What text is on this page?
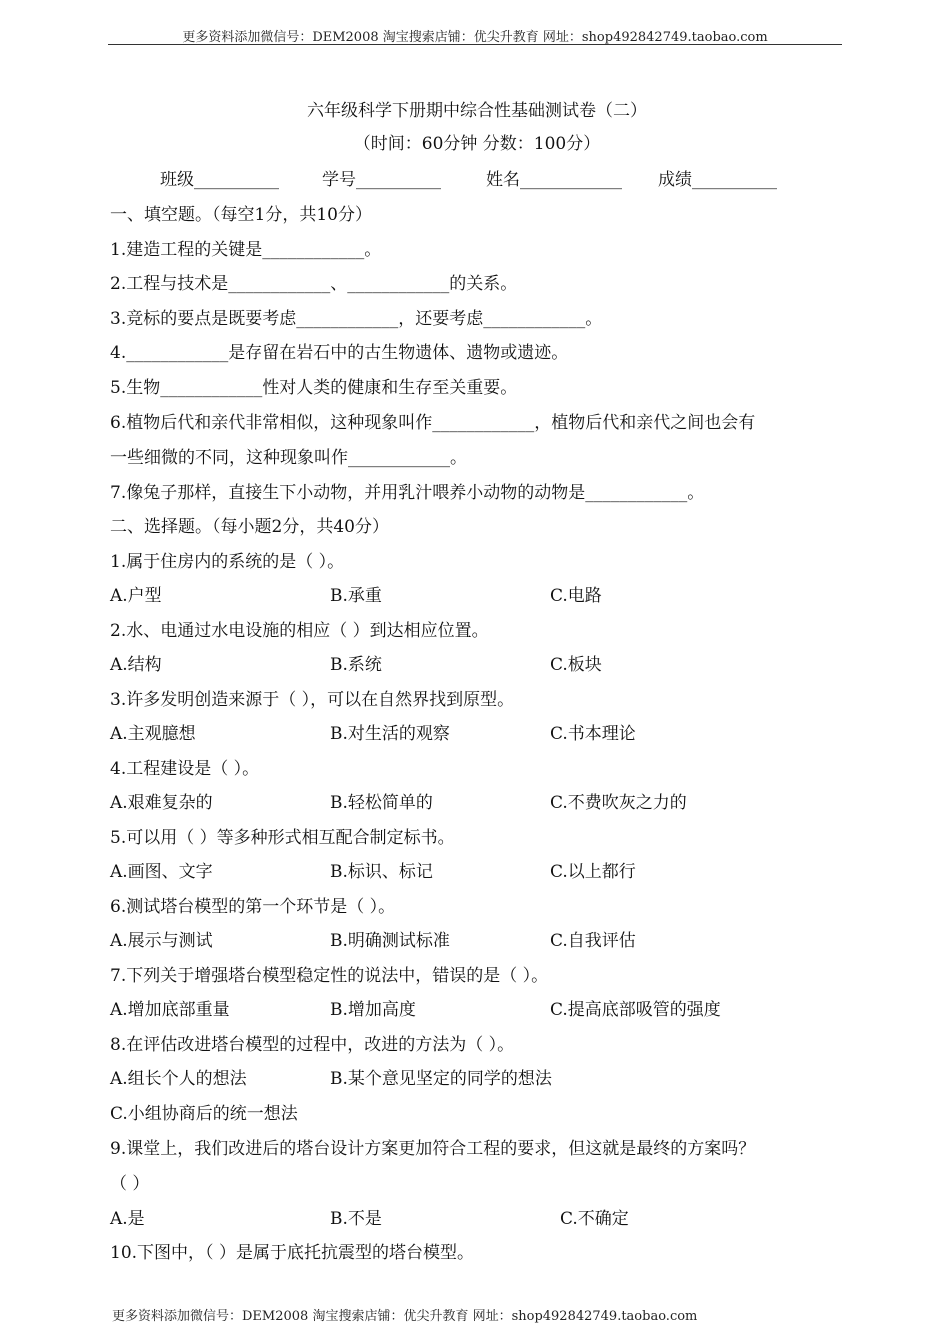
更多资料添加微信号：DEM2008 淘宝搜索店铺：优尖升教育 网址：shop492842749.taobao.com
六年级科学下册期中综合性基础测试卷（二）
（时间：60分钟 分数：100分）
班级__________	学号__________	姓名____________ 成绩__________
一、填空题。（每空1分，共10分）
1.建造工程的关键是____________。
2.工程与技术是____________、____________的关系。
3.竞标的要点是既要考虑____________，还要考虑____________。
4.____________是存留在岩石中的古生物遗体、遗物或遗迹。
5.生物____________性对人类的健康和生存至关重要。
6.植物后代和亲代非常相似，这种现象叫作____________，植物后代和亲代之间也会有
一些细微的不同，这种现象叫作____________。
7.像兔子那样，直接生下小动物，并用乳汁喂养小动物的动物是____________。
二、选择题。（每小题2分，共40分）
1.属于住房内的系统的是（ ）。
A.户型	B.承重	C.电路
2.水、电通过水电设施的相应（ ）到达相应位置。
A.结构	B.系统	C.板块
3.许多发明创造来源于（ ），可以在自然界找到原型。
A.主观臆想	B.对生活的观察	C.书本理论
4.工程建设是（ ）。
A.艰难复杂的	B.轻松简单的	C.不费吹灰之力的
5.可以用（ ）等多种形式相互配合制定标书。
A.画图、文字	B.标识、标记	C.以上都行
6.测试塔台模型的第一个环节是（ ）。
A.展示与测试	B.明确测试标准	C.自我评估
7.下列关于增强塔台模型稳定性的说法中，错误的是（ ）。
A.增加底部重量	B.增加高度	C.提高底部吸管的强度
8.在评估改进塔台模型的过程中，改进的方法为（ ）。
A.组长个人的想法	B.某个意见坚定的同学的想法
C.小组协商后的统一想法
9.课堂上，我们改进后的塔台设计方案更加符合工程的要求，但这就是最终的方案吗？
（ ）
A.是	B.不是	C.不确定
10.下图中，（ ）是属于底托抗震型的塔台模型。
更多资料添加微信号：DEM2008 淘宝搜索店铺：优尖升教育 网址：shop492842749.taobao.com
